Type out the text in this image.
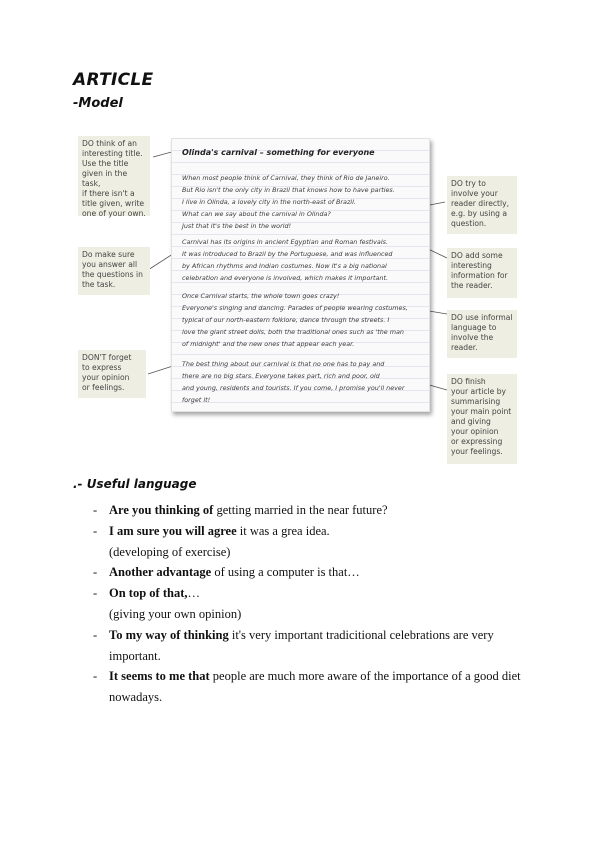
ARTICLE
-Model
DO think of an
interesting title.
Use the title
given in the task,
if there isn't a
title given, write
one of your own.
Do make sure
you answer all
the questions in
the task.
DON'T forget
to express
your opinion
or feelings.
Olinda's carnival – something for everyone
When most people think of Carnival, they think of Rio de Janeiro.
But Rio isn't the only city in Brazil that knows how to have parties.
I live in Olinda, a lovely city in the north-east of Brazil.
What can we say about the carnival in Olinda?
Just that it's the best in the world!
Carnival has its origins in ancient Egyptian and Roman festivals.
It was introduced to Brazil by the Portuguese, and was influenced
by African rhythms and Indian costumes. Now it's a big national
celebration and everyone is involved, which makes it important.
Once Carnival starts, the whole town goes crazy!
Everyone's singing and dancing. Parades of people wearing costumes,
typical of our north-eastern folklore, dance through the streets. I
love the giant street dolls, both the traditional ones such as 'the man
of midnight' and the new ones that appear each year.
The best thing about our carnival is that no one has to pay and
there are no big stars. Everyone takes part, rich and poor, old
and young, residents and tourists. If you come, I promise you'll never
forget it!
DO try to
involve your
reader directly,
e.g. by using a
question.
DO add some
interesting
information for
the reader.
DO use informal
language to
involve the
reader.
DO finish
your article by
summarising
your main point
and giving
your opinion
or expressing
your feelings.
.- Useful language
- Are you thinking of getting married in the near future?
- I am sure you will agree it was a grea idea.
(developing of exercise)
- Another advantage of using a computer is that…
- On top of that,…
(giving your own opinion)
- To my way of thinking it's very important tradicitional celebrations are very
important.
- It seems to me that people are much more aware of the importance of a good diet
nowadays.
